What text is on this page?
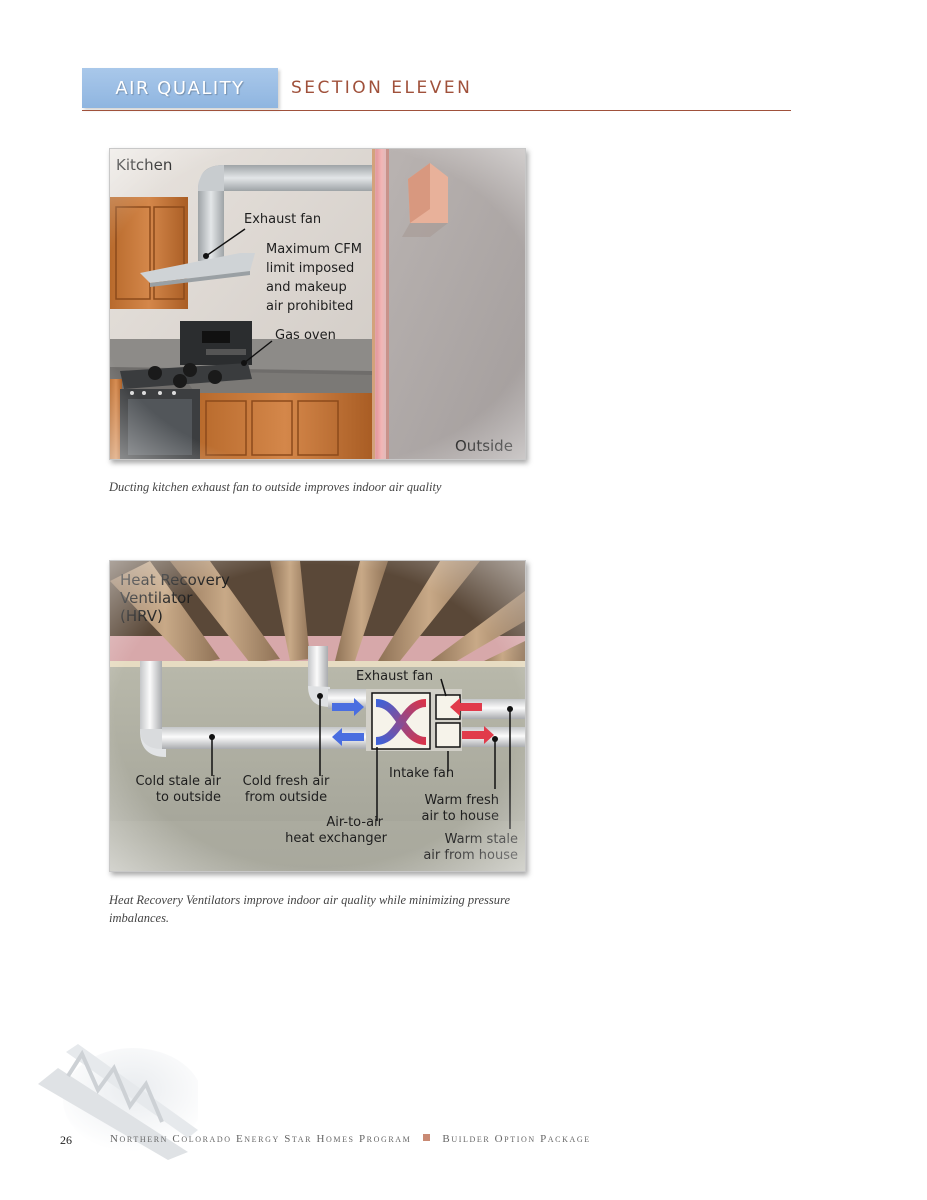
AIR QUALITY	SECTION ELEVEN
Ducting kitchen exhaust fan to outside improves indoor air quality
Heat Recovery Ventilators improve indoor air quality while minimizing pressure imbalances.
26	Northern Colorado Energy Star Homes Program	Builder Option Package
